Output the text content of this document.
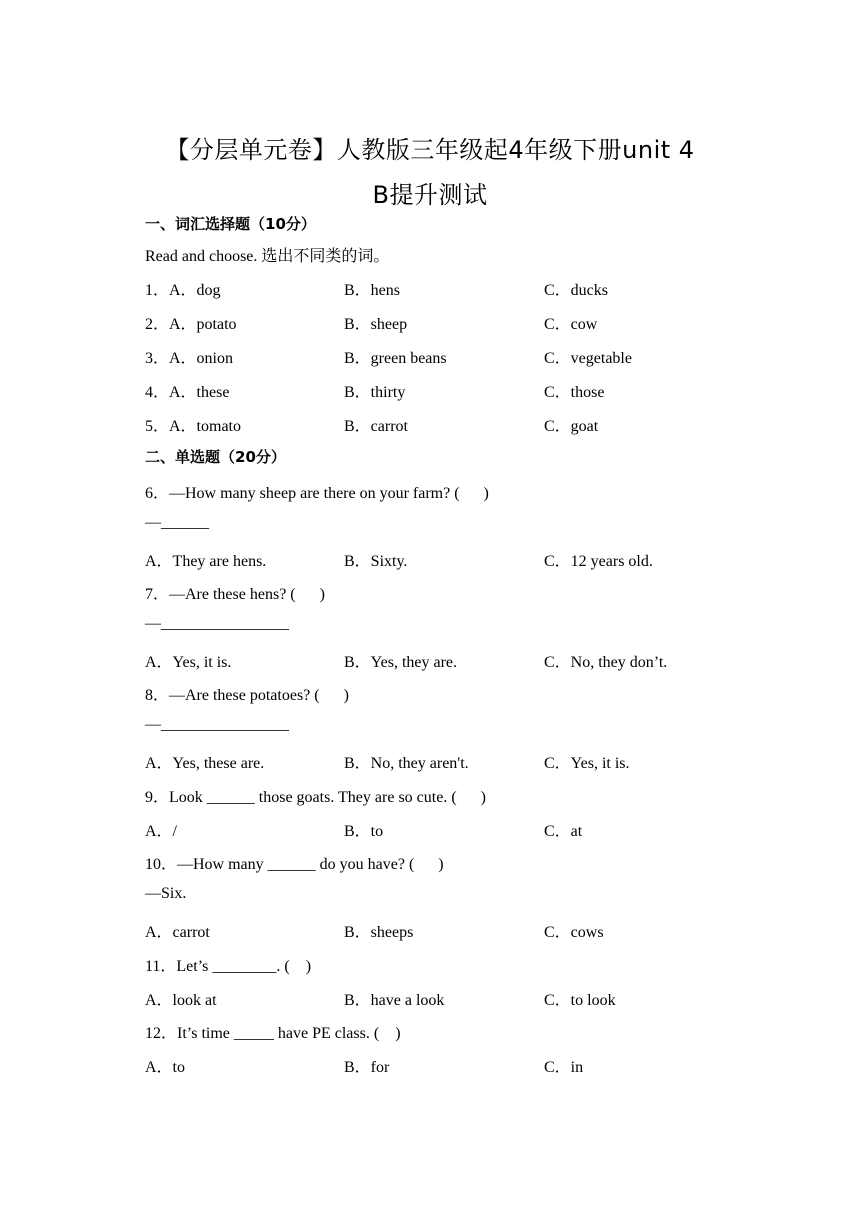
【分层单元卷】人教版三年级起4年级下册unit 4
B提升测试
一、词汇选择题（10分）
Read and choose. 选出不同类的词。
1．A．dog	B．hens	C．ducks
2．A．potato	B．sheep	C．cow
3．A．onion	B．green beans	C．vegetable
4．A．these	B．thirty	C．those
5．A．tomato	B．carrot	C．goat
二、单选题（20分）
6．—How many sheep are there on your farm? (      )
—______
A．They are hens.	B．Sixty.	C．12 years old.
7．—Are these hens? (      )
—________________
A．Yes, it is.	B．Yes, they are.	C．No, they don’t.
8．—Are these potatoes? (      )
—________________
A．Yes, these are.	B．No, they aren't.	C．Yes, it is.
9．Look ______ those goats. They are so cute. (      )
A．/	B．to	C．at
10．—How many ______ do you have? (      )
—Six.
A．carrot	B．sheeps	C．cows
11．Let’s ________. (    )
A．look at	B．have a look	C．to look
12．It’s time _____ have PE class. (    )
A．to	B．for	C．in
